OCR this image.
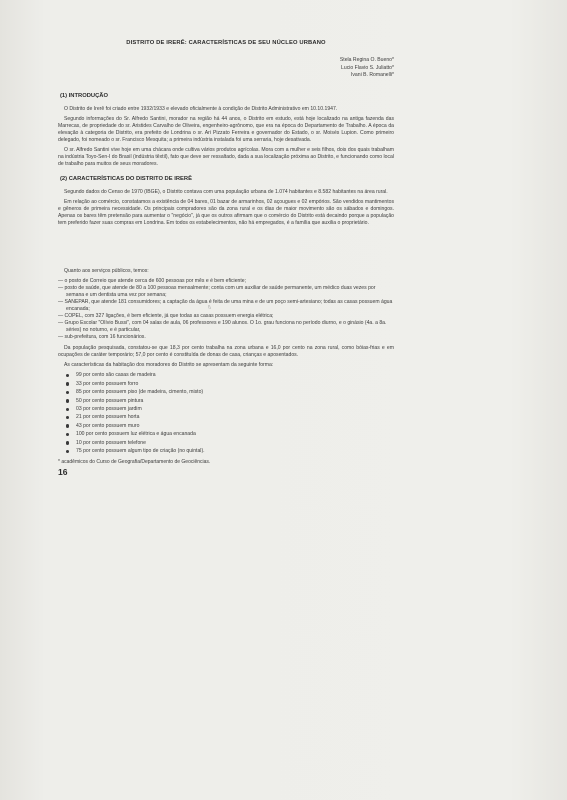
\\
DISTRITO DE IRERÊ: CARACTERÍSTICAS DE SEU NÚCLEO URBANO
Stela Regina O. Bueno*
Lucio Flavio S. Juliatto*
Ivani B. Romanelli*
(1) INTRODUÇÃO

O Distrito de Irerê foi criado entre 1932/1933 e elevado oficialmente à condição de Distrito Administrativo em 10.10.1947.

Segundo informações do Sr. Alfredo Santini, morador na região há 44 anos, o Distrito em estudo, está hoje localizado na antiga fazenda das Marrecas, de propriedade do sr. Aristides Carvalho de Oliveira, engenheiro-agrônomo, que era na época do Departamento de Trabalho. A época da elevação à categoria de Distrito, era prefeito de Londrina o sr. Ari Pizzato Ferreira e governador do Estado, o sr. Moisés Lupion. Como primeiro delegado, foi nomeado o sr. Francisco Mesquita; a primeira indústria instalada foi uma serraria, hoje desativada.

O sr. Alfredo Santini vive hoje em uma chácara onde cultiva vários produtos agrícolas. Mora com a mulher e seis filhos, dois dos quais trabalham na indústria Toyo-Sen-I do Brasil (indústria têxtil), fato que deve ser ressaltado, dada a sua localização próxima ao Distrito, e funcionando como local de trabalho para muitos de seus moradores.

(2) CARACTERÍSTICAS DO DISTRITO DE IRERÊ

Segundo dados do Censo de 1970 (IBGE), o Distrito contava com uma população urbana de 1.074 habitantes e 8.582 habitantes na área rural.

Em relação ao comércio, constatamos a existência de 04 bares, 01 bazar de armarinhos, 02 açougues e 02 empórios. São vendidos mantimentos e gêneros de primeira necessidade. Os principais compradores são da zona rural e os dias de maior movimento são os sábados e domingos. Apenas os bares têm pretensão para aumentar o "negócio", já que os outros afirmam que o comércio do Distrito está decaindo porque a população tem preferido fazer suas compras em Londrina. Em todos os estabelecimentos, não há empregados, é a família que auxilia o proprietário.

Quanto aos serviços públicos, temos:

— o posto de Correio que atende cerca de 600 pessoas por mês e é bem eficiente;
— posto de saúde, que atende de 80 a 100 pessoas mensalmente; conta com um auxiliar de saúde permanente, um médico duas vezes por semana e um dentista uma vez por semana;
— SANEPAR, que atende 181 consumidores; a captação da água é feita de uma mina e de um poço semi-artesiano; todas as casas possuem água encanada;
— COPEL, com 327 ligações, é bem eficiente, já que todas as casas possuem energia elétrica;
— Grupo Escolar "Olívio Bussi", com 04 salas de aula, 06 professores e 190 alunos. O 1o. grau funciona no período diurno, e o ginásio (4a. a 8a. séries) no noturno, e é particular,
— sub-prefeitura, com 16 funcionários.

Da população pesquisada, constatou-se que 18,3 por cento trabalha na zona urbana e 16,0 por cento na zona rural, como bóias-frias e em ocupações de caráter temporário; 57,0 por cento é constituída de donas de casa, crianças e aposentados.

As características da habitação dos moradores do Distrito se apresentam da seguinte forma:

99 por cento são casas de madeira
33 por cento possuem forro
85 por cento possuem piso (de madeira, cimento, misto)
50 por cento possuem pintura
03 por cento possuem jardim
21 por cento possuem horta
43 por cento possuem muro
100 por cento possuem luz elétrica e água encanada
10 por cento possuem telefone
75 por cento possuem algum tipo de criação (no quintal).
* acadêmicos do Curso de Geografia/Departamento de Geociências.
16
